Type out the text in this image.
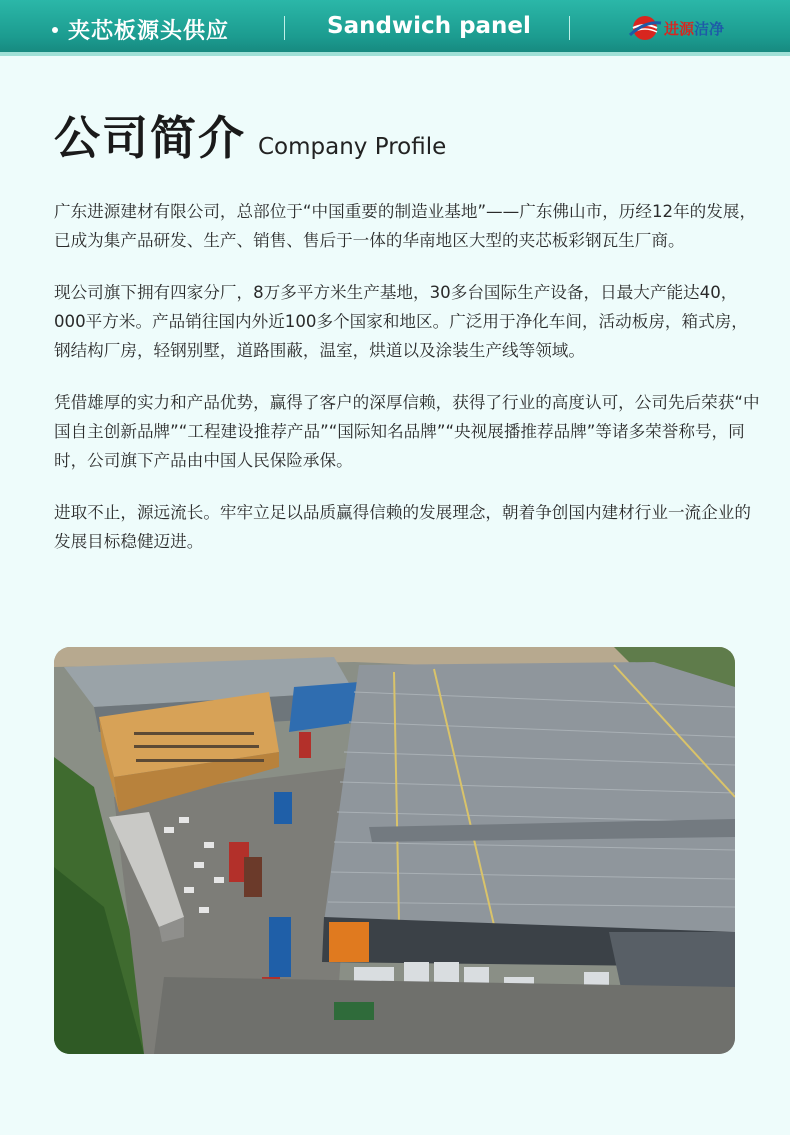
夹芯板源头供应	Sandwich panel	进源洁净
公司简介 Company Profile

广东进源建材有限公司，总部位于“中国重要的制造业基地”——广东佛山市，历经12年的发展，已成为集产品研发、生产、销售、售后于一体的华南地区大型的夹芯板彩钢瓦生厂商。

现公司旗下拥有四家分厂，8万多平方米生产基地，30多台国际生产设备，日最大产能达40，000平方米。产品销往国内外近100多个国家和地区。广泛用于净化车间，活动板房，箱式房，钢结构厂房，轻钢别墅，道路围蔽，温室，烘道以及涂装生产线等领域。

凭借雄厚的实力和产品优势，赢得了客户的深厚信赖，获得了行业的高度认可，公司先后荣获“中国自主创新品牌”“工程建设推荐产品”“国际知名品牌”“央视展播推荐品牌”等诸多荣誉称号，同时，公司旗下产品由中国人民保险承保。

进取不止，源远流长。牢牢立足以品质赢得信赖的发展理念，朝着争创国内建材行业一流企业的发展目标稳健迈进。
